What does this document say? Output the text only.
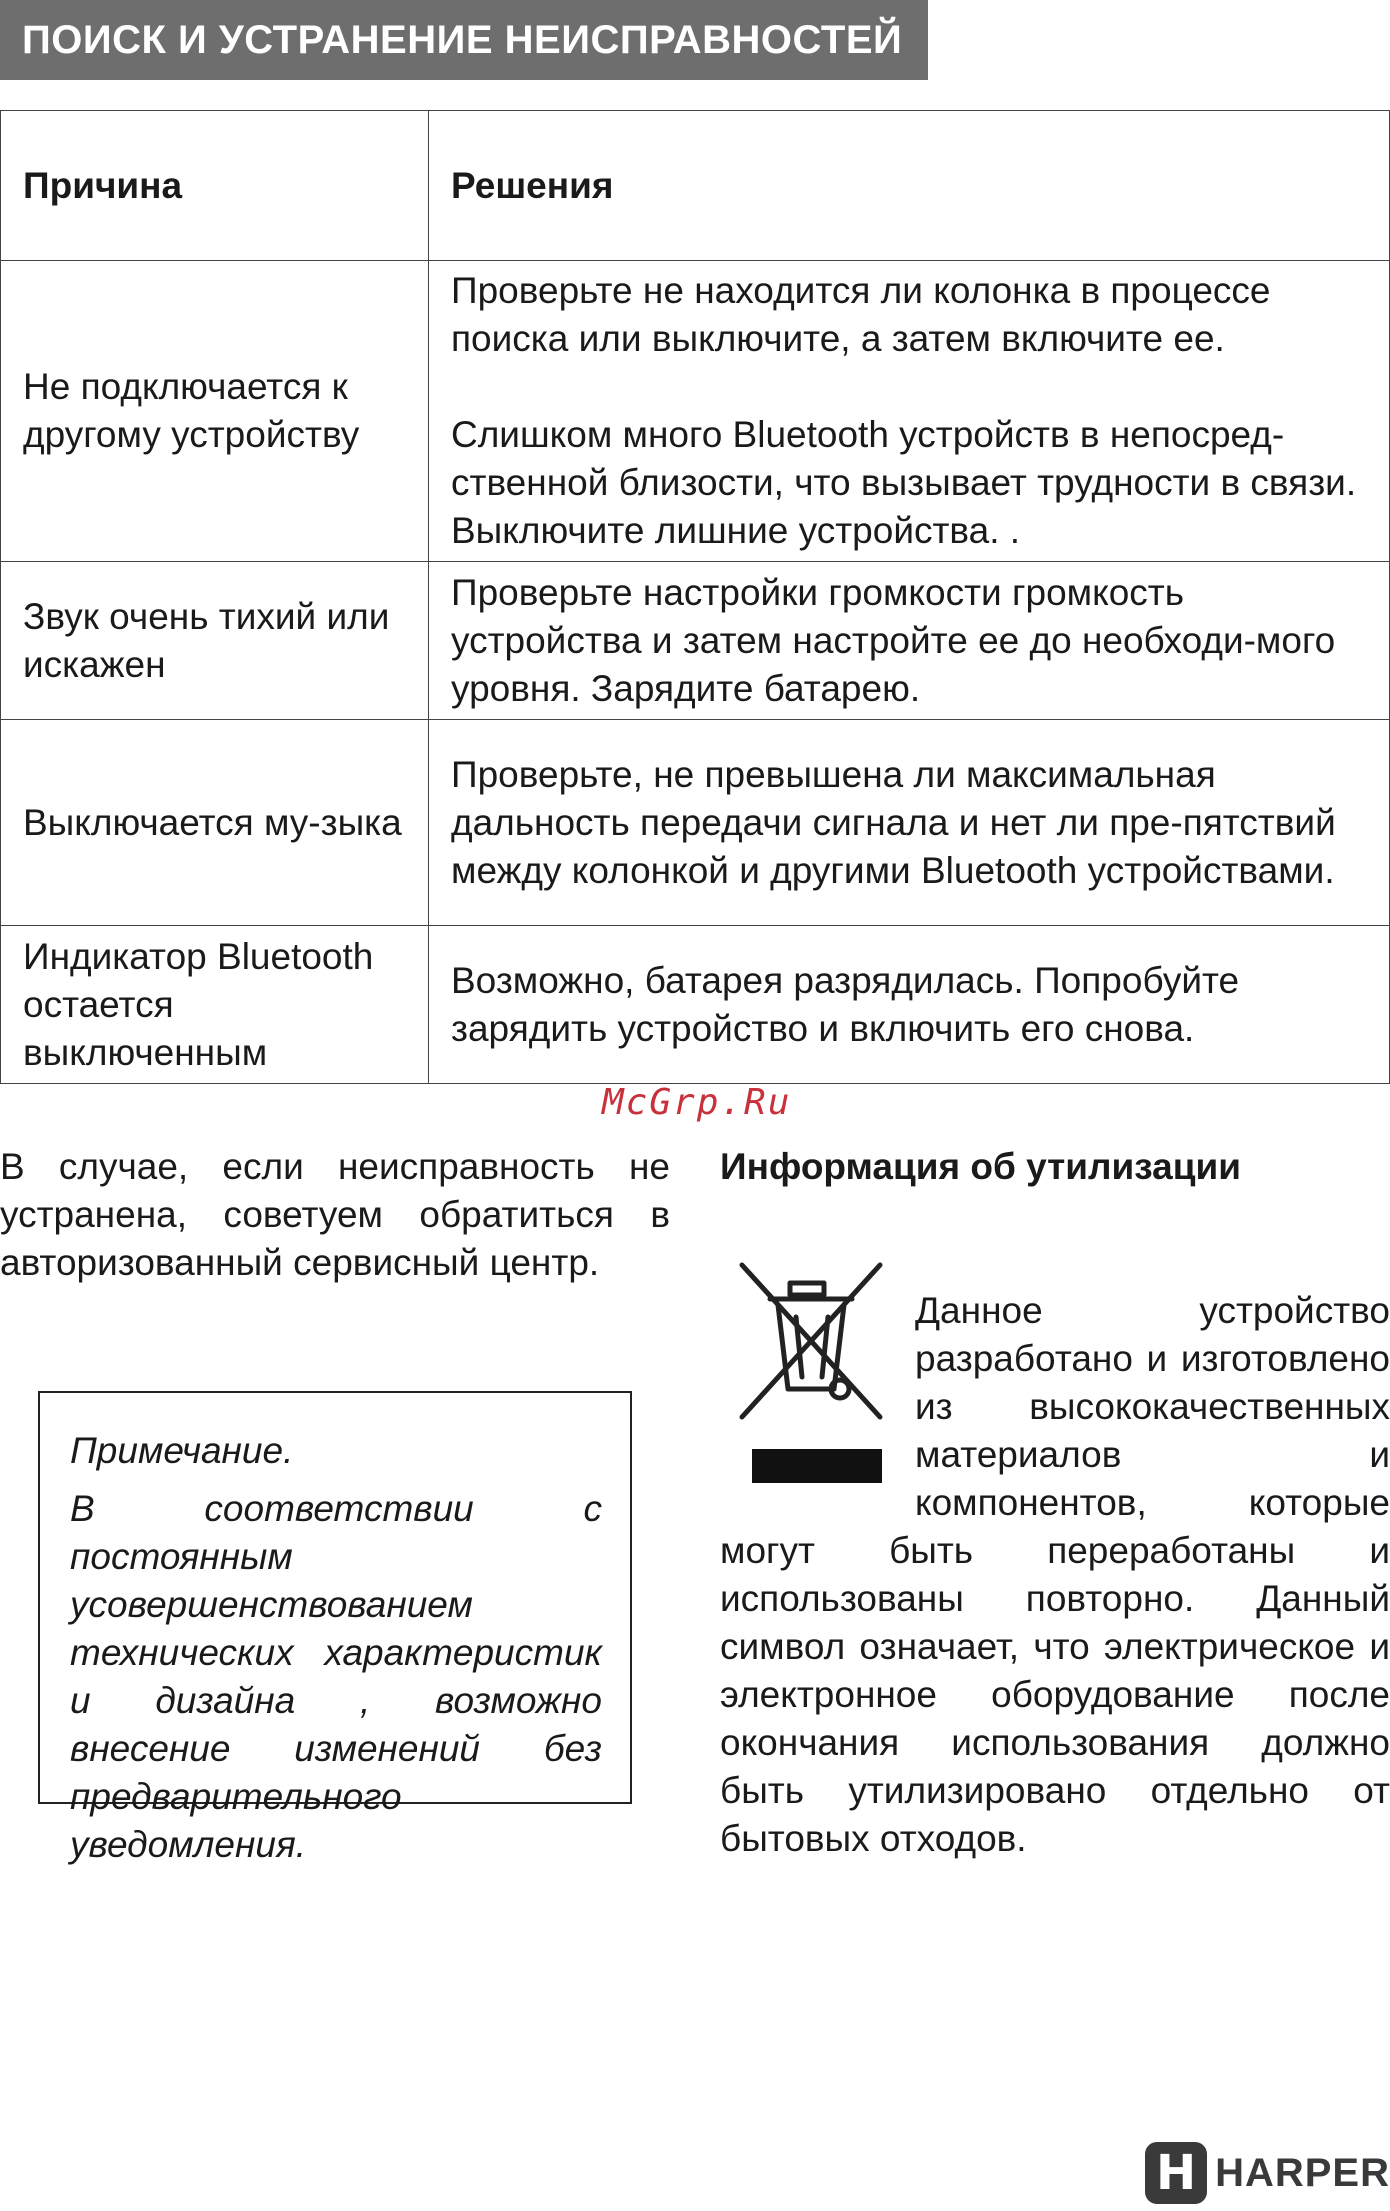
ПОИСК И УСТРАНЕНИЕ НЕИСПРАВНОСТЕЙ
Причина	Решения
Не подключается к другому устройству	Проверьте не находится ли колонка в процессе поиска или выключите, а затем включите ее.

Слишком много Bluetooth устройств в непосред-ственной близости, что вызывает трудности в связи. Выключите лишние устройства. .

Звук очень тихий или искажен	Проверьте настройки громкости громкость устройства и затем настройте ее до необходи-мого уровня. Зарядите батарею.

Выключается му-зыка	Проверьте, не превышена ли максимальная дальность передачи сигнала и нет ли пре-пятствий между колонкой и другими Bluetooth устройствами.

Индикатор Bluetooth остается выключенным	Возможно, батарея разрядилась. Попробуйте зарядить устройство и включить его снова.

McGrp.Ru
В случае, если неисправность не устранена, советуем обратиться в авторизованный сервисный центр.

Примечание.

В соответствии с постоянным усовершенствованием технических характеристик и дизайна , возможно внесение изменений без предварительного уведомления.

Информация об утилизации
Данное устройство разработано и изготовлено из высококачественных материалов и компонентов, которые могут быть переработаны и использованы повторно. Данный символ означает, что электрическое и электронное оборудование после окончания использования должно быть утилизировано отдельно от бытовых отходов.
H HARPER
